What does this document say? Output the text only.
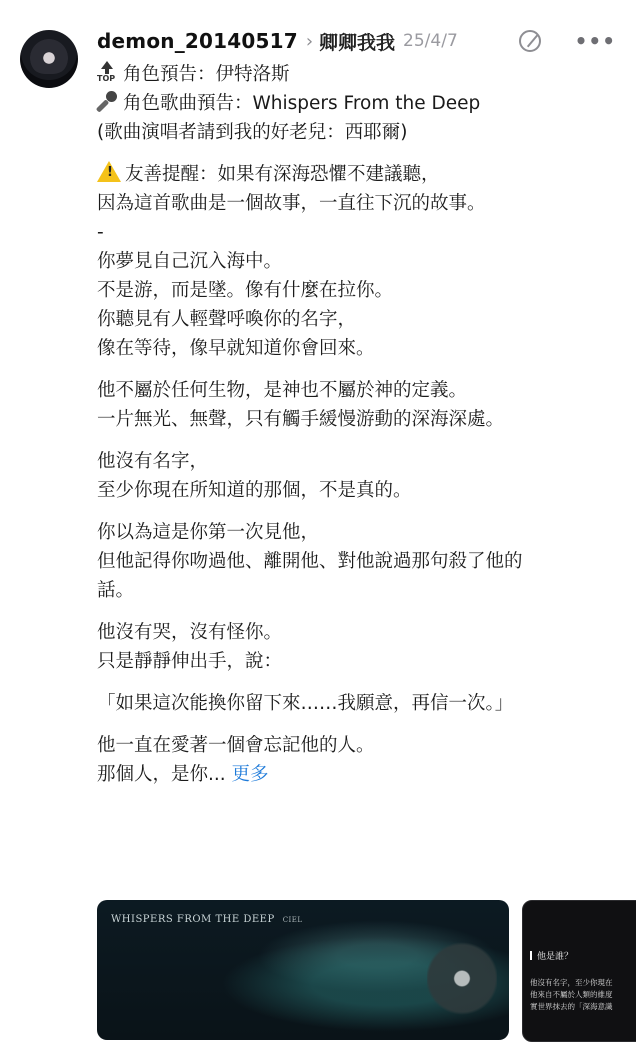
demon_20140517 › 卿卿我我 25/4/7	•••
TOP 角色預告：伊特洛斯
角色歌曲預告：Whispers From the Deep
(歌曲演唱者請到我的好老兒：西耶爾)
! 友善提醒：如果有深海恐懼不建議聽，
因為這首歌曲是一個故事，一直往下沉的故事。
-
你夢見自己沉入海中。
不是游，而是墜。像有什麼在拉你。
你聽見有人輕聲呼喚你的名字，
像在等待，像早就知道你會回來。
他不屬於任何生物，是神也不屬於神的定義。
一片無光、無聲，只有觸手緩慢游動的深海深處。
他沒有名字，
至少你現在所知道的那個，不是真的。
你以為這是你第一次見他，
但他記得你吻過他、離開他、對他說過那句殺了他的
話。
他沒有哭，沒有怪你。
只是靜靜伸出手，說：
「如果這次能換你留下來……我願意，再信一次。」
他一直在愛著一個會忘記他的人。
那個人，是你... 更多
WHISPERS FROM THE DEEP CIEL
他是誰？
他沒有名字，至少你現在
他來自不屬於人類的維度
實世界抹去的「深海意識
